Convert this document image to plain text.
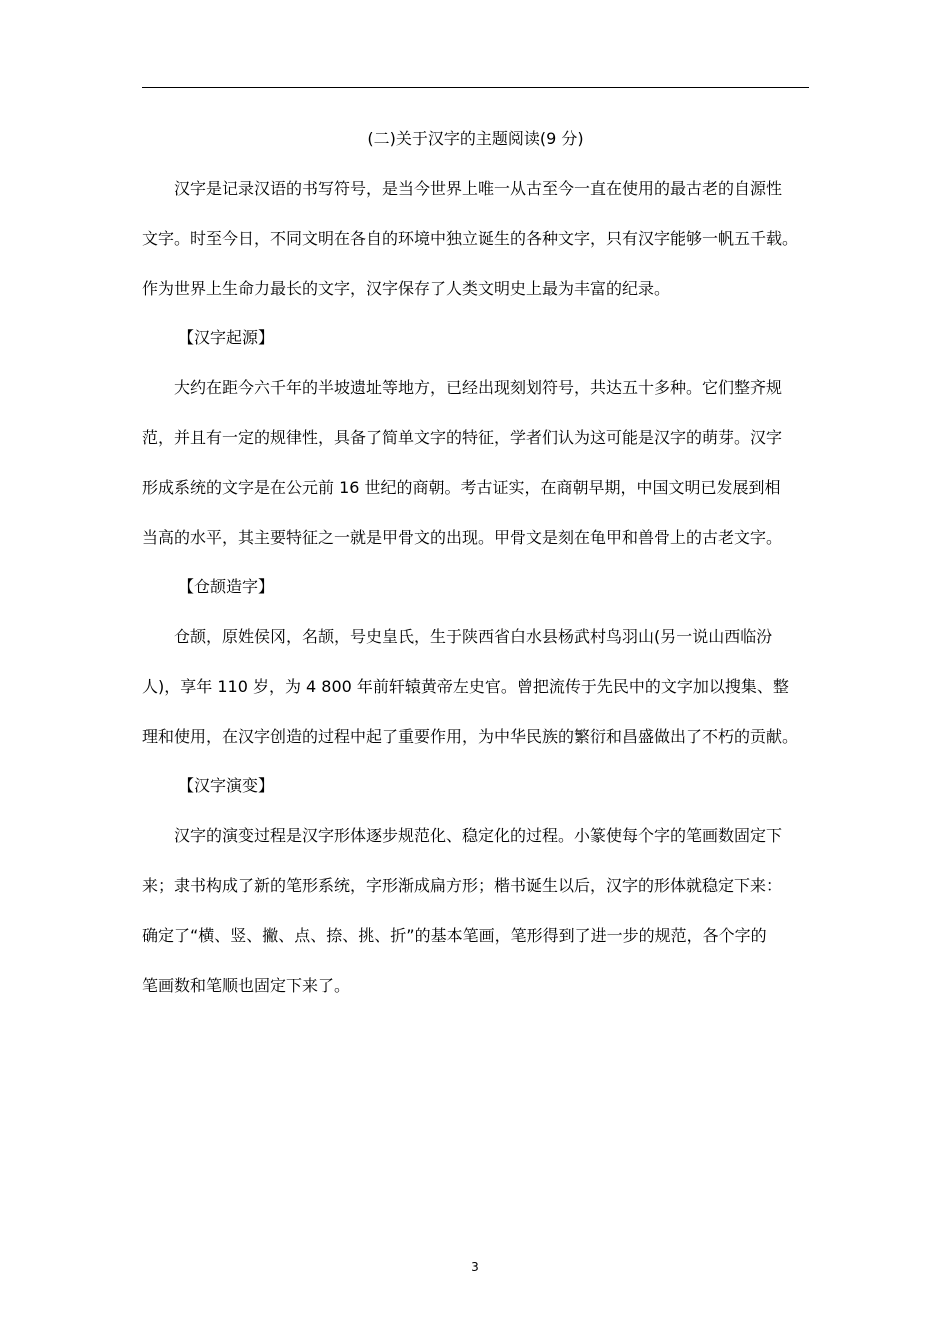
(二)关于汉字的主题阅读(9 分)
　　汉字是记录汉语的书写符号，是当今世界上唯一从古至今一直在使用的最古老的自源性
文字。时至今日，不同文明在各自的环境中独立诞生的各种文字，只有汉字能够一帆五千载。
作为世界上生命力最长的文字，汉字保存了人类文明史上最为丰富的纪录。
【汉字起源】
　　大约在距今六千年的半坡遗址等地方，已经出现刻划符号，共达五十多种。它们整齐规
范，并且有一定的规律性，具备了简单文字的特征，学者们认为这可能是汉字的萌芽。汉字
形成系统的文字是在公元前 16 世纪的商朝。考古证实，在商朝早期，中国文明已发展到相
当高的水平，其主要特征之一就是甲骨文的出现。甲骨文是刻在龟甲和兽骨上的古老文字。
【仓颉造字】
　　仓颉，原姓侯冈，名颉，号史皇氏，生于陕西省白水县杨武村鸟羽山(另一说山西临汾
人)，享年 110 岁，为 4 800 年前轩辕黄帝左史官。曾把流传于先民中的文字加以搜集、整
理和使用，在汉字创造的过程中起了重要作用，为中华民族的繁衍和昌盛做出了不朽的贡献。
【汉字演变】
　　汉字的演变过程是汉字形体逐步规范化、稳定化的过程。小篆使每个字的笔画数固定下
来；隶书构成了新的笔形系统，字形渐成扁方形；楷书诞生以后，汉字的形体就稳定下来：
确定了“横、竖、撇、点、捺、挑、折”的基本笔画，笔形得到了进一步的规范，各个字的
笔画数和笔顺也固定下来了。
3
